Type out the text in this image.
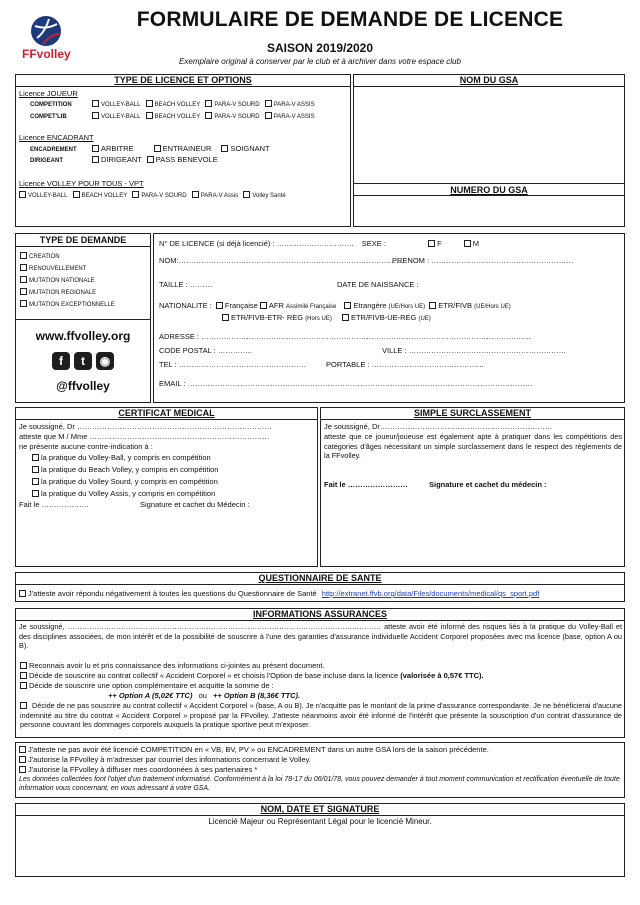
FFvolley
FORMULAIRE DE DEMANDE DE LICENCE
SAISON 2019/2020
Exemplaire original à conserver par le club et à archiver dans votre espace club
TYPE DE LICENCE ET OPTIONS
Licence JOUEUR
COMPETITION	VOLLEY-BALL BEACH VOLLEY PARA-V SOURD PARA-V ASSIS
COMPET'LIB	VOLLEY-BALL BEACH VOLLEY PARA-V SOURD PARA-V ASSIS
Licence ENCADRANT
ENCADREMENT	ARBITRE	ENTRAINEUR	SOIGNANT
DIRIGEANT	DIRIGEANT PASS BENEVOLE
Licence VOLLEY POUR TOUS - VPT
VOLLEY-BALL BEACH VOLLEY PARA-V SOURD PARA-V Assis Volley Santé
NOM DU GSA
NUMERO DU GSA
TYPE DE DEMANDE
CREATION
RENOUVELLEMENT
MUTATION NATIONALE
MUTATION REGIONALE
MUTATION EXCEPTIONNELLE
www.ffvolley.org
f t ◉
@ffvolley
N° DE LICENCE (si déjà licencié) : …………………………. SEXE :	F	M
NOM:………………………………………………………………………………
PRENOM : …………………………………………………
TAILLE : ………	DATE DE NAISSANCE :
NATIONALITE : Française AFR Assimilé Française Etrangère (UE/Hors UE) ETR/FIVB (UE/Hors UE)
ETR/FIVB-ETR- REG (Hors UE)	ETR/FIVB-UE-REG (UE)
ADRESSE : ……………………………………………………………………………………………………………………
CODE POSTAL : …………..	VILLE : ………………………………………………………
TEL : ……………………………………………	PORTABLE : ………………………………………
EMAIL : …………………………………………………………………………………………………………………………
CERTIFICAT MEDICAL
Je soussigné, Dr ……………………………………………………………………
atteste que M / Mme ………………………………………………………………
ne présente aucune contre-indication à :
la pratique du Volley-Ball, y compris en compétition
la pratique du Beach Volley, y compris en compétition
la pratique du Volley Sourd, y compris en compétition
la pratique du Volley Assis, y compris en compétition
Fait le ……………….	Signature et cachet du Médecin :
SIMPLE SURCLASSEMENT
Je soussigné, Dr……………………………………………………………
atteste que ce joueur/joueuse est également apte à pratiquer dans les compétitions des catégories d'âges nécessitant un simple surclassement dans le respect des règlements de la FFvolley.
Fait le ……………………	Signature et cachet du médecin :
QUESTIONNAIRE DE SANTE
J'atteste avoir répondu négativement à toutes les questions du Questionnaire de Santé http://extranet.ffvb.org/data/Files/documents/medical/qs_sport.pdf
INFORMATIONS ASSURANCES
Je soussigné, ………………………………………………………………………………………………………………… atteste avoir été informé des risques liés à la pratique du Volley-Ball et des disciplines associées, de mon intérêt et de la possibilité de souscrire à l'une des garanties d'assurance individuelle Accident Corporel proposées avec ma licence (base, option A ou B).
Reconnais avoir lu et pris connaissance des informations ci-jointes au présent document.
Décide de souscrire au contrat collectif « Accident Corporel » et choisis l'Option de base incluse dans la licence (valorisée à 0,57€ TTC).
Décide de souscrire une option complémentaire et acquitte la somme de :
++ Option A (5,02€ TTC) ou ++ Option B (8,36€ TTC).
Décide de ne pas souscrire au contrat collectif « Accident Corporel » (base, A ou B). Je n'acquitte pas le montant de la prime d'assurance correspondante. Je ne bénéficierai d'aucune indemnité au titre du contrat « Accident Corporel » proposé par la FFvolley. J'atteste néanmoins avoir été informé de l'intérêt que présente la souscription d'un contrat d'assurance de personne couvrant les dommages corporels auxquels la pratique sportive peut m'exposer.
J'atteste ne pas avoir été licencié COMPETITION en « VB, BV, PV » ou ENCADREMENT dans un autre GSA lors de la saison précédente.
J'autorise la FFvolley à m'adresser par courriel des informations concernant le Volley.
J'autorise la FFvolley à diffuser mes coordonnées à ses partenaires *
Les données collectées font l'objet d'un traitement informatisé. Conformément à la loi 78-17 du 06/01/78, vous pouvez demander à tout moment communication et rectification éventuelle de toute information vous concernant, en vous adressant à votre GSA.
NOM, DATE ET SIGNATURE
Licencié Majeur ou Représentant Légal pour le licencié Mineur.
